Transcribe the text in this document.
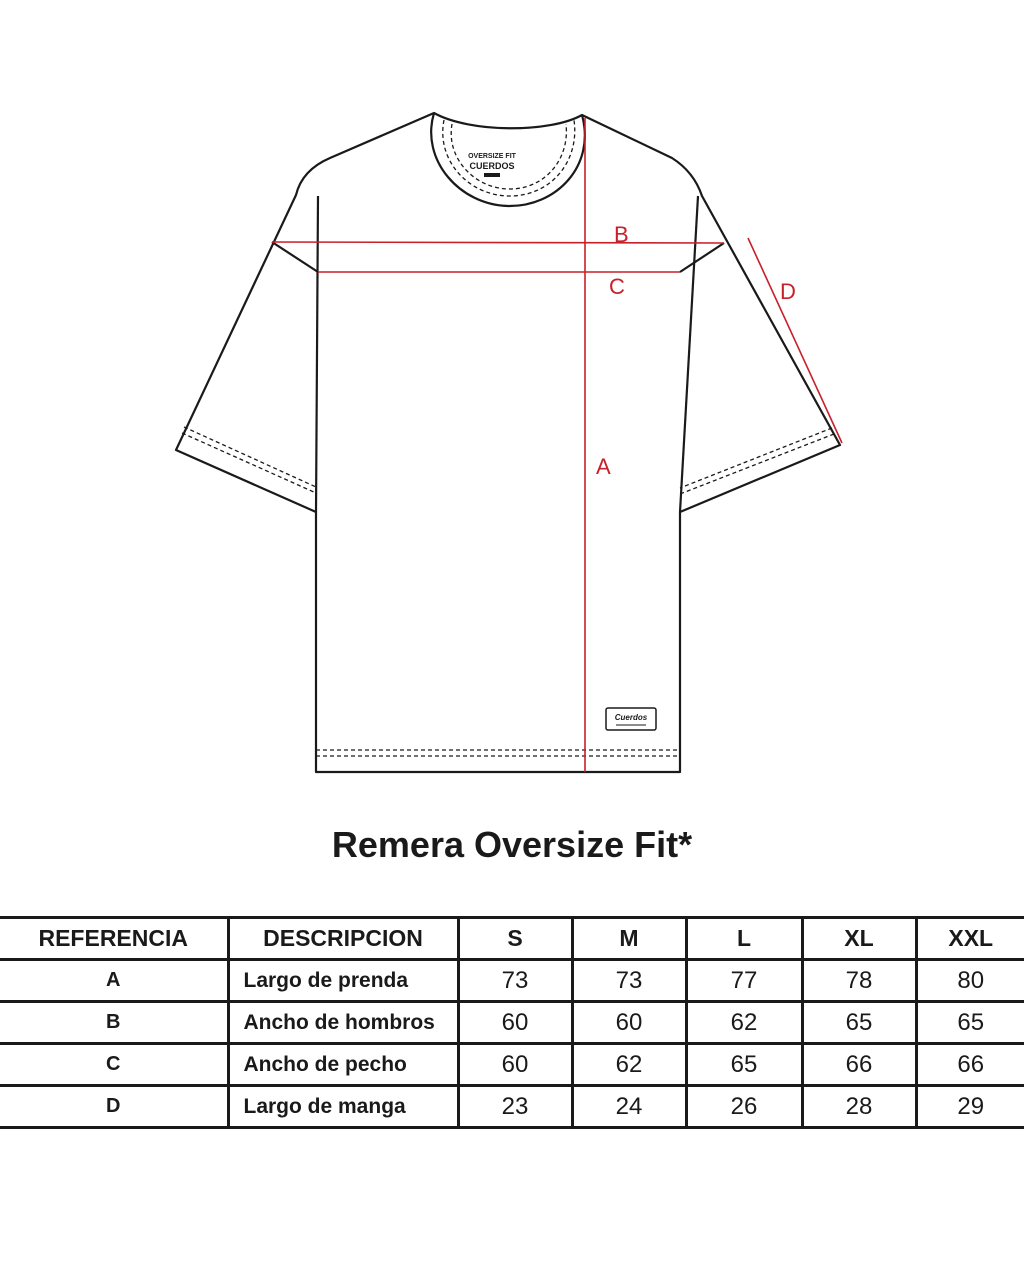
OVERSIZE FIT
CUERDOS
Cuerdos
A
B
C	D
Remera Oversize Fit*
REFERENCIA	DESCRIPCION	S	M	L	XL	XXL
A	Largo de prenda	73	73	77	78	80
B	Ancho de hombros	60	60	62	65	65
C	Ancho de pecho	60	62	65	66	66
D	Largo de manga	23	24	26	28	29
